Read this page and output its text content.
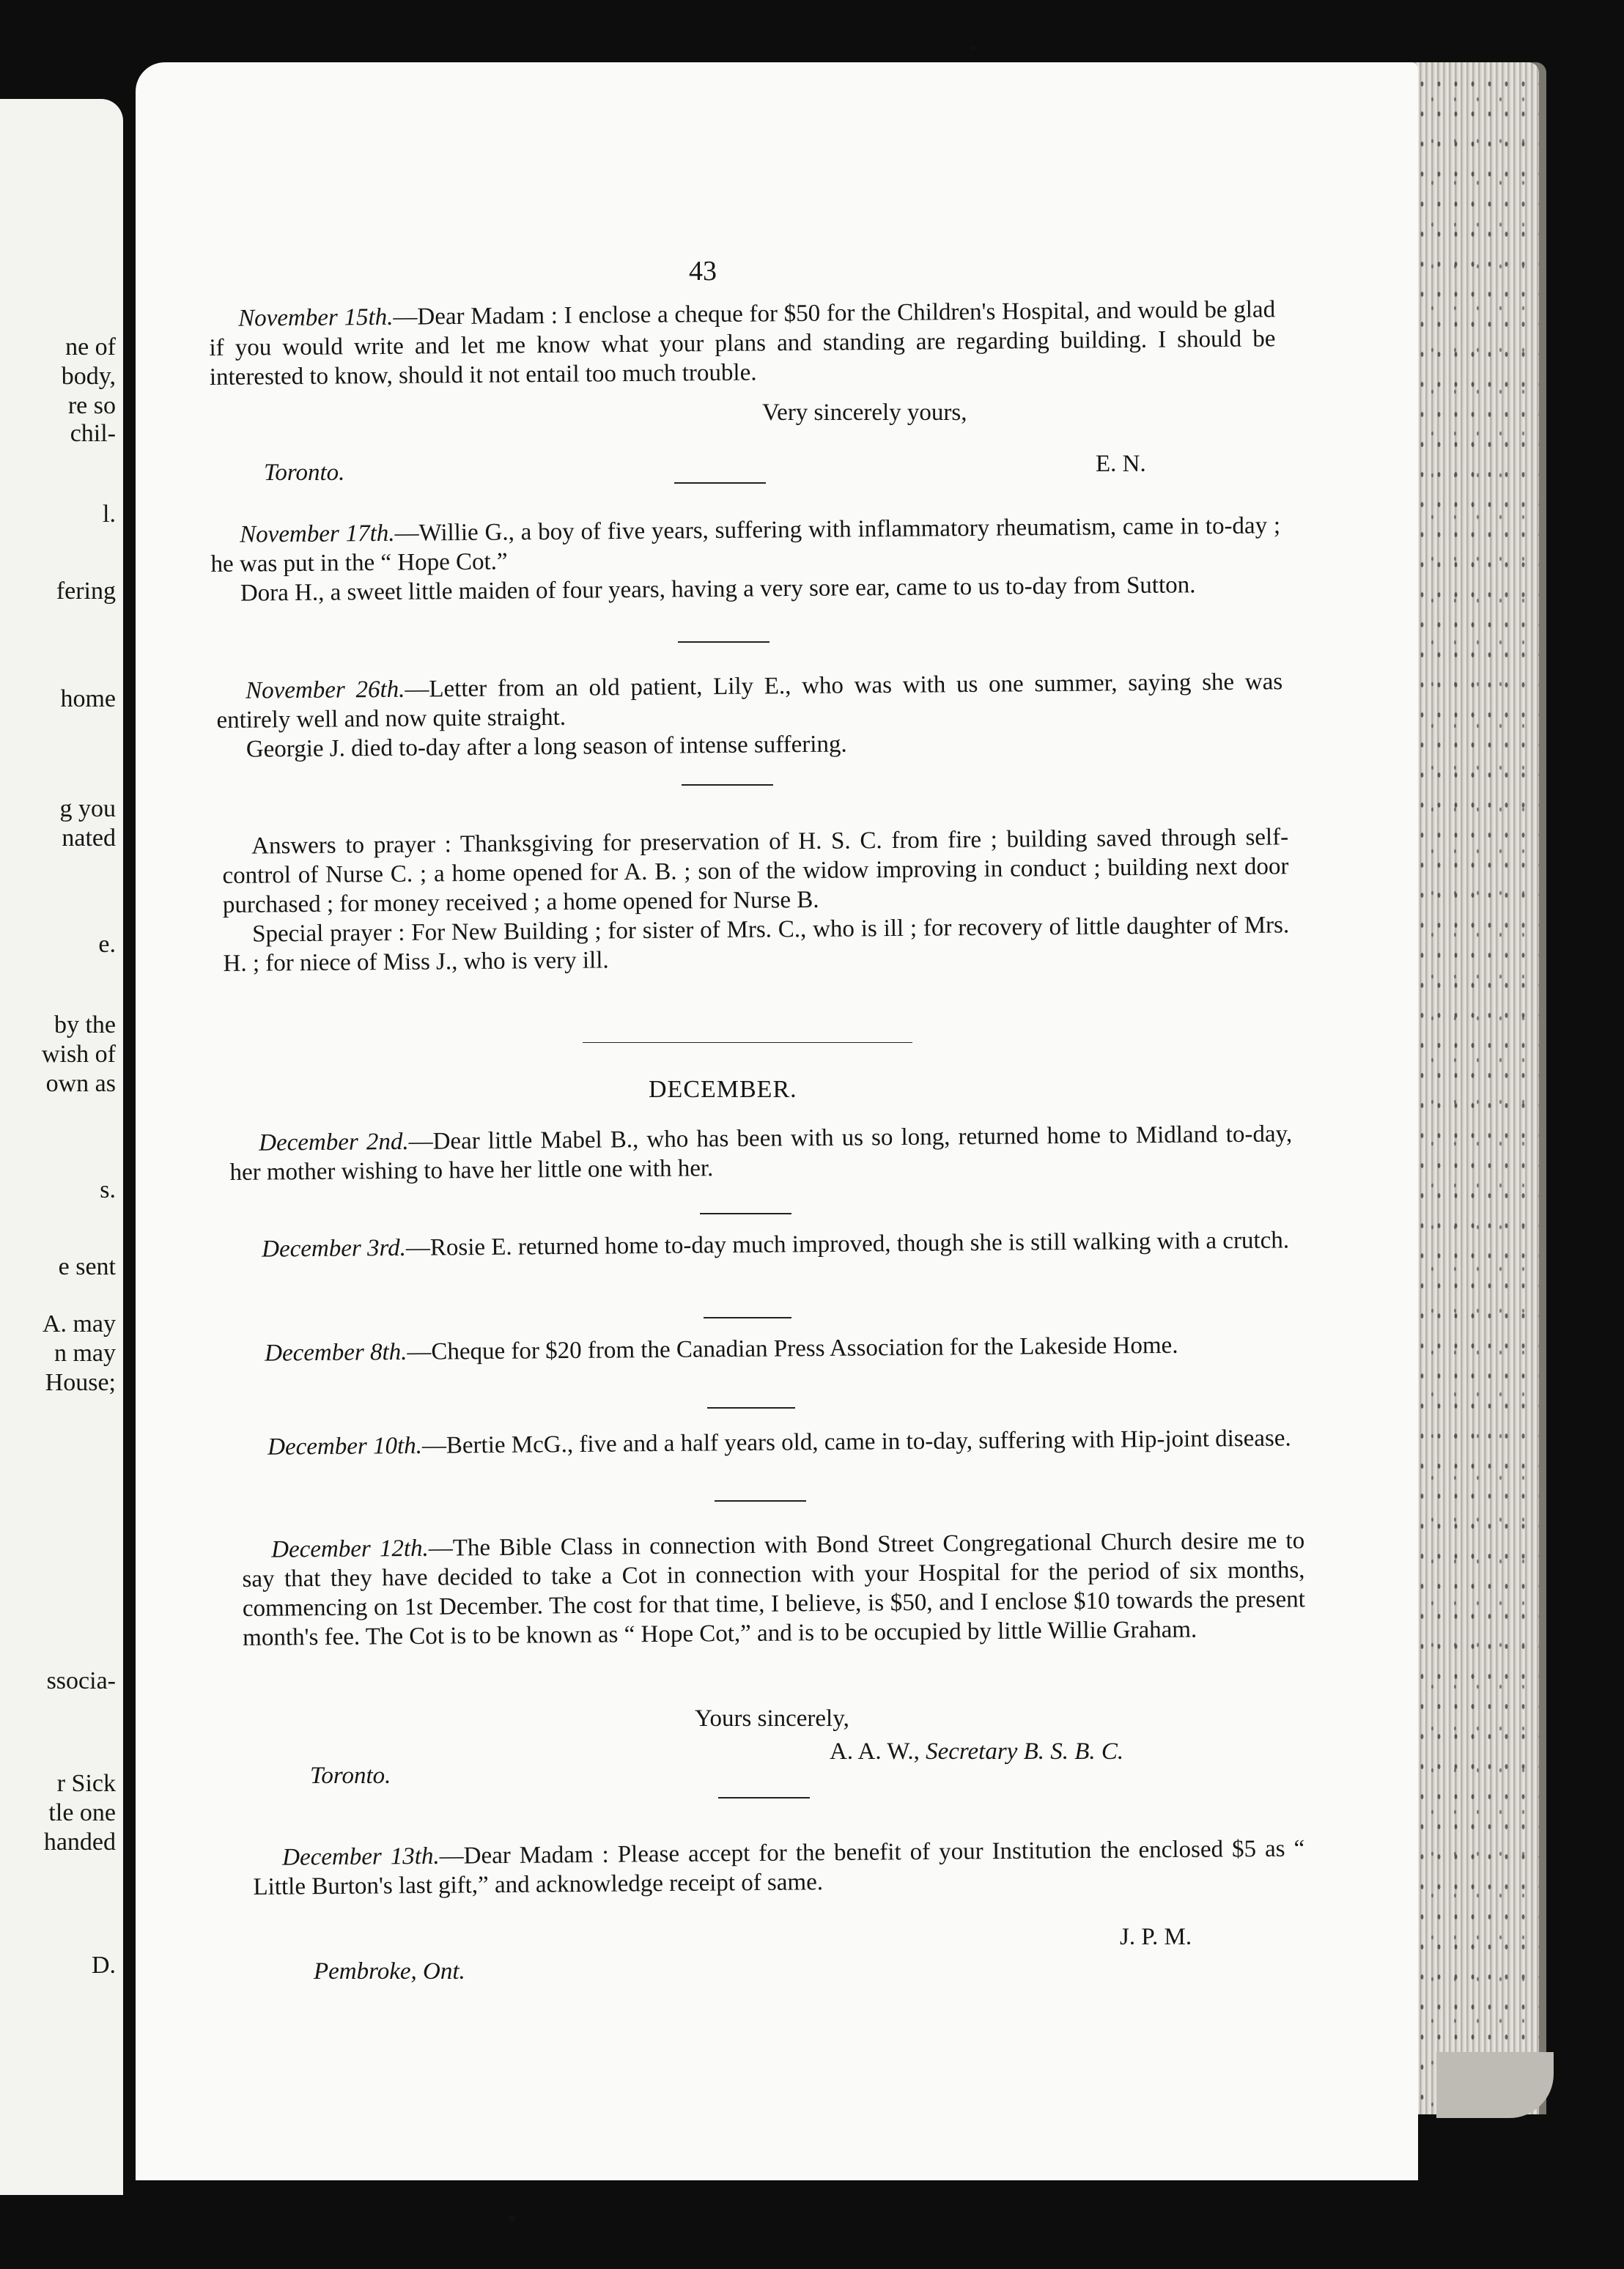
ne of
body,
re so
chil-
l.
fering
home
g you
nated
e.
by the
wish of
own as
s.
e sent
A. may
n may
House;
ssocia-
r Sick
tle one
handed
D.
43

November 15th.—Dear Madam : I enclose a cheque for $50 for the Children's Hospital, and would be glad if you would write and let me know what your plans and standing are regarding building. I should be interested to know, should it not entail too much trouble.

Very sincerely yours,
Toronto.	E. N.

November 17th.—Willie G., a boy of five years, suffering with inflammatory rheumatism, came in to-day ; he was put in the “ Hope Cot.”

Dora H., a sweet little maiden of four years, having a very sore ear, came to us to-day from Sutton.

November 26th.—Letter from an old patient, Lily E., who was with us one summer, saying she was entirely well and now quite straight.

Georgie J. died to-day after a long season of intense suffering.

Answers to prayer : Thanksgiving for preservation of H. S. C. from fire ; building saved through self-control of Nurse C. ; a home opened for A. B. ; son of the widow improving in conduct ; building next door purchased ; for money received ; a home opened for Nurse B.

Special prayer : For New Building ; for sister of Mrs. C., who is ill ; for recovery of little daughter of Mrs. H. ; for niece of Miss J., who is very ill.

DECEMBER.

December 2nd.—Dear little Mabel B., who has been with us so long, returned home to Midland to-day, her mother wishing to have her little one with her.

December 3rd.—Rosie E. returned home to-day much improved, though she is still walking with a crutch.

December 8th.—Cheque for $20 from the Canadian Press Association for the Lakeside Home.

December 10th.—Bertie McG., five and a half years old, came in to-day, suffering with Hip-joint disease.

December 12th.—The Bible Class in connection with Bond Street Congregational Church desire me to say that they have decided to take a Cot in connection with your Hospital for the period of six months, commencing on 1st December. The cost for that time, I believe, is $50, and I enclose $10 towards the present month's fee. The Cot is to be known as “ Hope Cot,” and is to be occupied by little Willie Graham.

Yours sincerely,
Toronto.
A. A. W., Secretary B. S. B. C.

December 13th.—Dear Madam : Please accept for the benefit of your Institution the enclosed $5 as “ Little Burton's last gift,” and acknowledge receipt of same.

J. P. M.
Pembroke, Ont.
